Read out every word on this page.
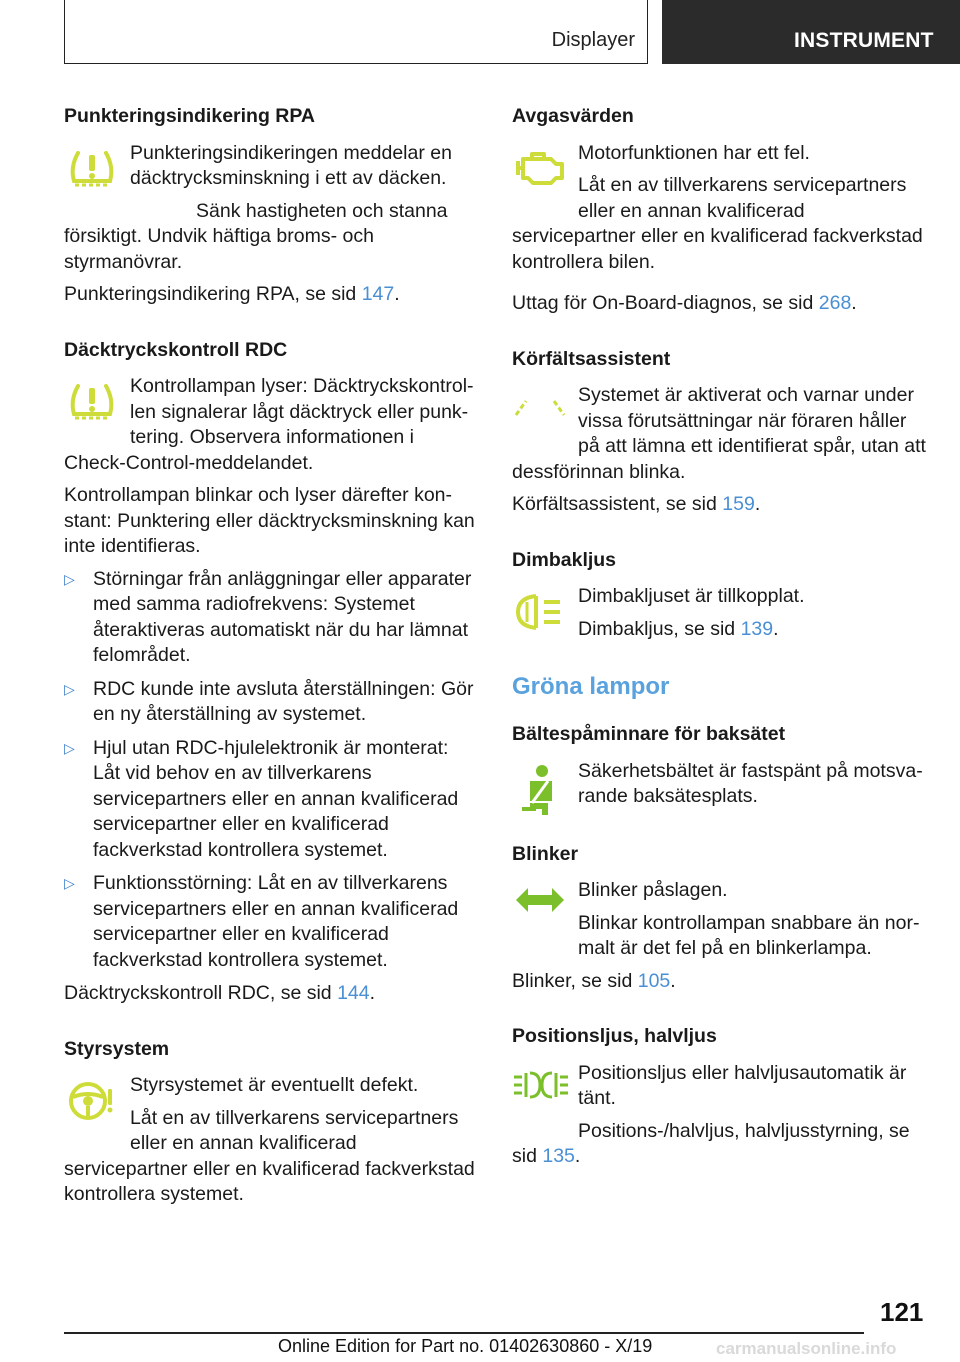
Displayer	INSTRUMENT
Punkteringsindikering RPA

Punkteringsindikeringen meddelar en däcktrycksminskning i ett av däcken.

Sänk hastigheten och stanna försiktigt. Undvik häftiga broms- och styrmanövrar.

Punkteringsindikering RPA, se sid 147.

Däcktryckskontroll RDC

Kontrollampan lyser: Däcktryckskontrollen signalerar lågt däcktryck eller punktering. Observera informationen i Check-Control-meddelandet.

Kontrollampan blinkar och lyser därefter konstant: Punktering eller däcktrycksminskning kan inte identifieras.

▷ Störningar från anläggningar eller apparater med samma radiofrekvens: Systemet återaktiveras automatiskt när du har lämnat felområdet.
▷ RDC kunde inte avsluta återställningen: Gör en ny återställning av systemet.
▷ Hjul utan RDC-hjulelektronik är monterat: Låt vid behov en av tillverkarens servicepartners eller en annan kvalificerad servicepartner eller en kvalificerad fackverkstad kontrollera systemet.
▷ Funktionsstörning: Låt en av tillverkarens servicepartners eller en annan kvalificerad servicepartner eller en kvalificerad fackverkstad kontrollera systemet.

Däcktryckskontroll RDC, se sid 144.

Styrsystem

Styrsystemet är eventuellt defekt.

Låt en av tillverkarens servicepartners eller en annan kvalificerad servicepartner eller en kvalificerad fackverkstad kontrollera systemet.

Avgasvärden

Motorfunktionen har ett fel.

Låt en av tillverkarens servicepartners eller en annan kvalificerad servicepartner eller en kvalificerad fackverkstad kontrollera bilen.

Uttag för On-Board-diagnos, se sid 268.

Körfältsassistent

Systemet är aktiverat och varnar under vissa förutsättningar när föraren håller på att lämna ett identifierat spår, utan att dessförinnan blinka.

Körfältsassistent, se sid 159.

Dimbakljus

Dimbakljuset är tillkopplat.

Dimbakljus, se sid 139.

Gröna lampor
Bältespåminnare för baksätet

Säkerhetsbältet är fastspänt på motsvarande baksätesplats.

Blinker

Blinker påslagen.

Blinkar kontrollampan snabbare än normalt är det fel på en blinkerlampa.

Blinker, se sid 105.

Positionsljus, halvljus

Positionsljus eller halvljusautomatik är tänt.

Positions-/halvljus, halvljusstyrning, se sid 135.

121
Online Edition for Part no. 01402630860 - X/19	carmanualsonline.info
